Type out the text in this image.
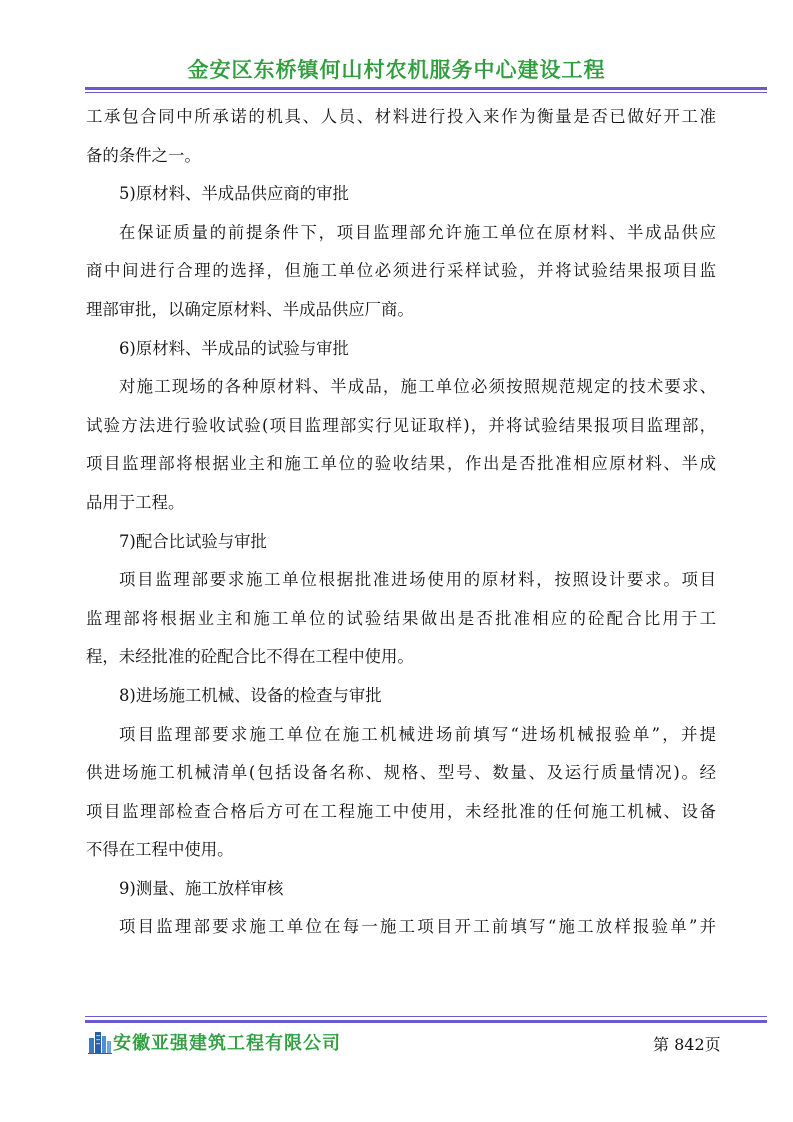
金安区东桥镇何山村农机服务中心建设工程
工承包合同中所承诺的机具、人员、材料进行投入来作为衡量是否已做好开工准
备的条件之一。
5)原材料、半成品供应商的审批
在保证质量的前提条件下，项目监理部允许施工单位在原材料、半成品供应
商中间进行合理的选择，但施工单位必须进行采样试验，并将试验结果报项目监
理部审批，以确定原材料、半成品供应厂商。
6)原材料、半成品的试验与审批
对施工现场的各种原材料、半成品，施工单位必须按照规范规定的技术要求、
试验方法进行验收试验(项目监理部实行见证取样)，并将试验结果报项目监理部，
项目监理部将根据业主和施工单位的验收结果，作出是否批准相应原材料、半成
品用于工程。
7)配合比试验与审批
项目监理部要求施工单位根据批准进场使用的原材料，按照设计要求。项目
监理部将根据业主和施工单位的试验结果做出是否批准相应的砼配合比用于工
程，未经批准的砼配合比不得在工程中使用。
8)进场施工机械、设备的检查与审批
项目监理部要求施工单位在施工机械进场前填写“进场机械报验单”，并提
供进场施工机械清单(包括设备名称、规格、型号、数量、及运行质量情况)。经
项目监理部检查合格后方可在工程施工中使用，未经批准的任何施工机械、设备
不得在工程中使用。
9)测量、施工放样审核
项目监理部要求施工单位在每一施工项目开工前填写“施工放样报验单”并
安徽亚强建筑工程有限公司	第 842页
